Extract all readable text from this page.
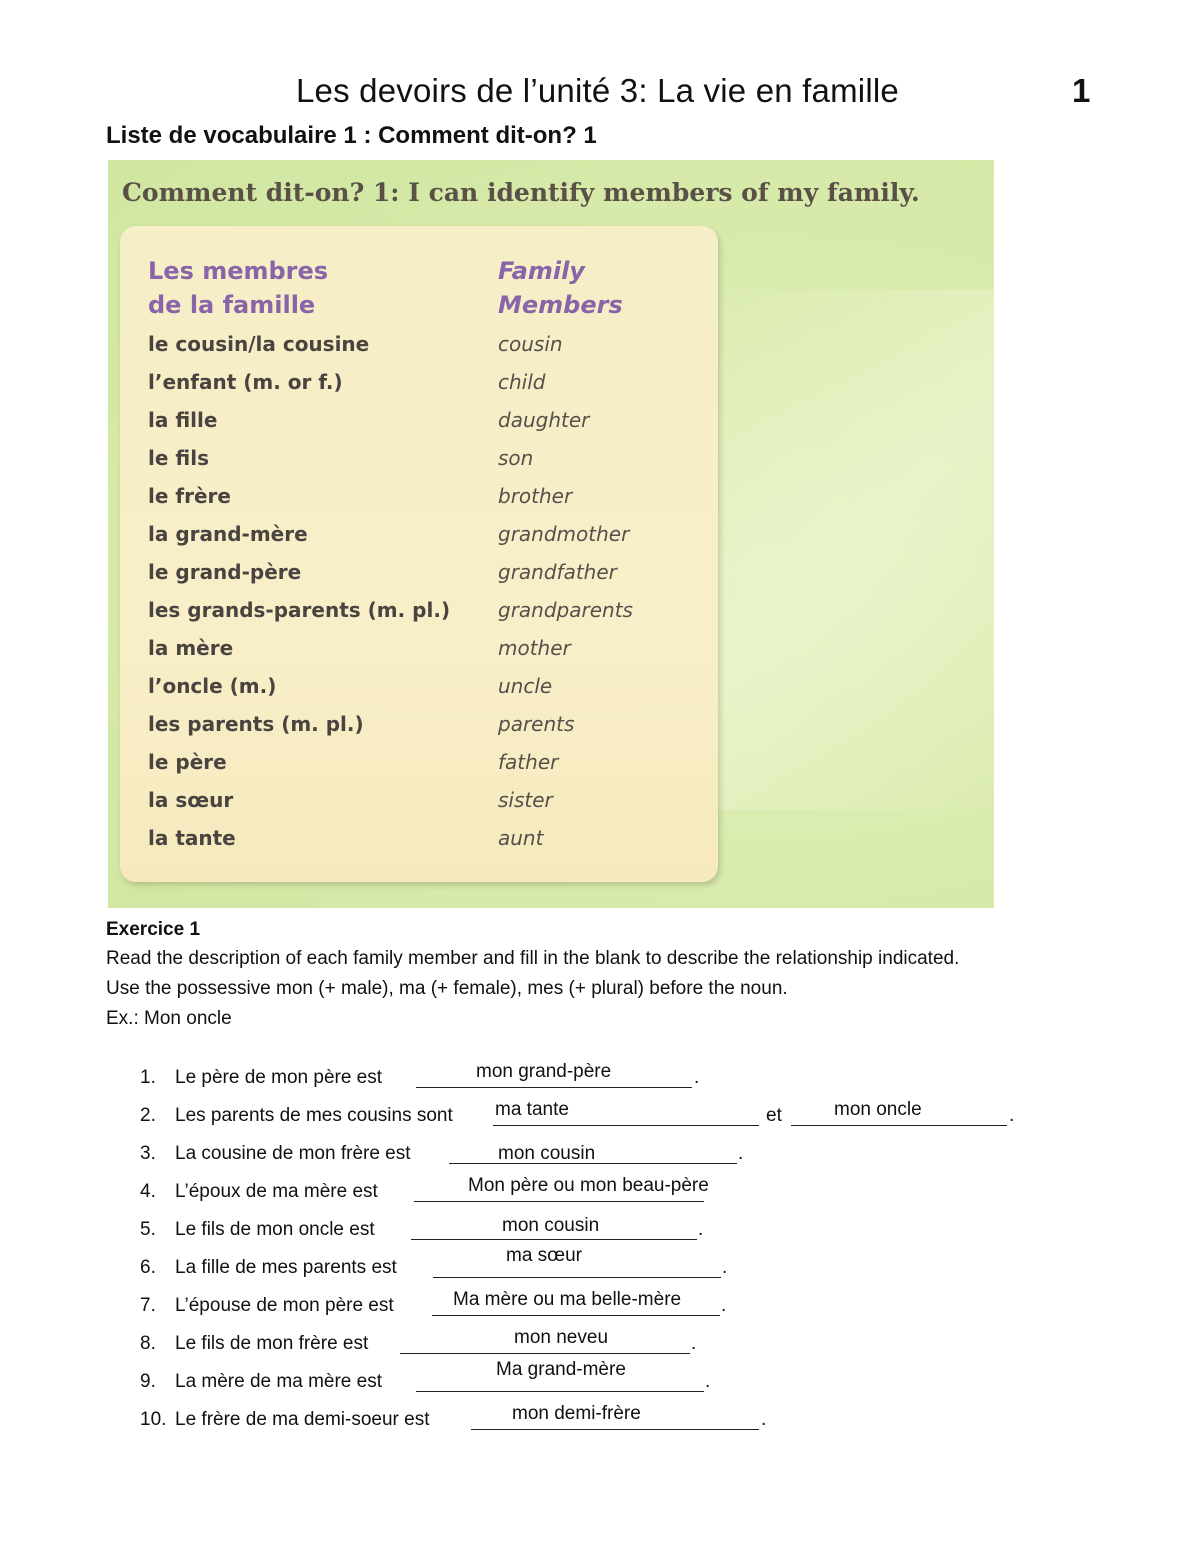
Les devoirs de l’unité 3: La vie en famille	1
Liste de vocabulaire 1 : Comment dit-on? 1
Comment dit-on? 1: I can identify members of my family.
Les membres
de la famille
Family
Members
le cousin/la cousine	cousin
l’enfant (m. or f.)	child
la fille	daughter
le fils	son
le frère	brother
la grand-mère	grandmother
le grand-père	grandfather
les grands-parents (m. pl.) grandparents
la mère	mother
l’oncle (m.)	uncle
les parents (m. pl.)	parents
le père	father
la sœur	sister
la tante	aunt
Exercice 1
Read the description of each family member and fill in the blank to describe the relationship indicated.
Use the possessive mon (+ male), ma (+ female), mes (+ plural) before the noun.
Ex.: Mon oncle
1. Le père de mon père est	mon grand-père	.
2. Les parents de mes cousins sont ma tante	et	mon oncle	.
3. La cousine de mon frère est	mon cousin	.
4. L’époux de ma mère est	Mon père ou mon beau-père
5. Le fils de mon oncle est	mon cousin	.
6. La fille de mes parents est
ma sœur
.
7. L’épouse de mon père est	Ma mère ou ma belle-mère .
8. Le fils de mon frère est	mon neveu	.
9. La mère de ma mère est
Ma grand-mère
.
10. Le frère de ma demi-soeur est	mon demi-frère	.
